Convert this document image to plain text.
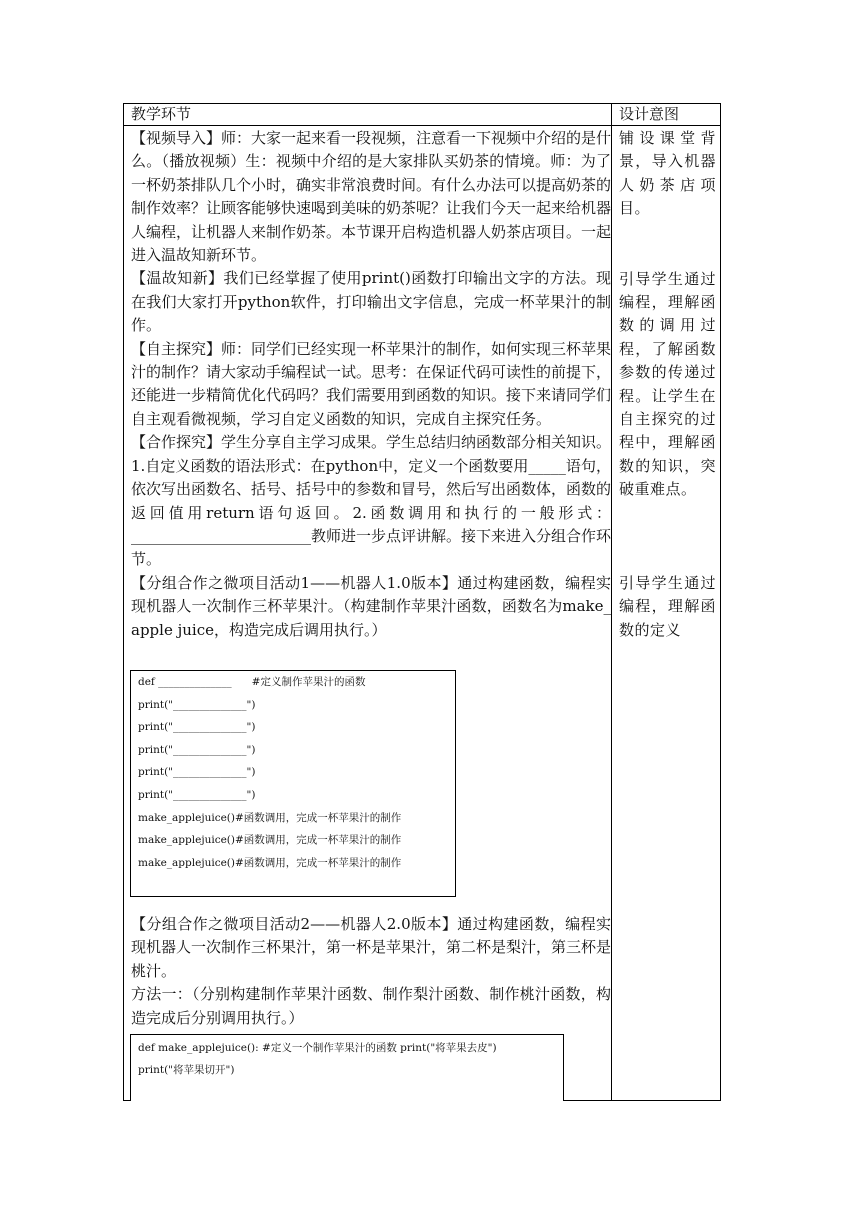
教学环节	设计意图

【视频导入】师：大家一起来看一段视频，注意看一下视频中介绍的是什么。（播放视频）生：视频中介绍的是大家排队买奶茶的情境。师：为了一杯奶茶排队几个小时，确实非常浪费时间。有什么办法可以提高奶茶的制作效率？让顾客能够快速喝到美味的奶茶呢？让我们今天一起来给机器人编程，让机器人来制作奶茶。本节课开启构造机器人奶茶店项目。一起进入温故知新环节。

【温故知新】我们已经掌握了使用print()函数打印输出文字的方法。现在我们大家打开python软件，打印输出文字信息，完成一杯苹果汁的制作。

【自主探究】师：同学们已经实现一杯苹果汁的制作，如何实现三杯苹果汁的制作？请大家动手编程试一试。思考：在保证代码可读性的前提下，还能进一步精简优化代码吗？我们需要用到函数的知识。接下来请同学们自主观看微视频，学习自定义函数的知识，完成自主探究任务。

【合作探究】学生分享自主学习成果。学生总结归纳函数部分相关知识。1.自定义函数的语法形式：在python中，定义一个函数要用_____语句，依次写出函数名、括号、括号中的参数和冒号，然后写出函数体，函数的返回值用return语句返回。2.函数调用和执行的一般形式：________________________教师进一步点评讲解。接下来进入分组合作环节。

【分组合作之微项目活动1——机器人1.0版本】通过构建函数，编程实现机器人一次制作三杯苹果汁。（构建制作苹果汁函数，函数名为make_ apple juice，构造完成后调用执行。）

def ______________      #定义制作苹果汁的函数
print("______________")
print("______________")
print("______________")
print("______________")
print("______________")
make_applejuice()#函数调用，完成一杯苹果汁的制作
make_applejuice()#函数调用，完成一杯苹果汁的制作
make_applejuice()#函数调用，完成一杯苹果汁的制作

【分组合作之微项目活动2——机器人2.0版本】通过构建函数，编程实现机器人一次制作三杯果汁，第一杯是苹果汁，第二杯是梨汁，第三杯是桃汁。

方法一：（分别构建制作苹果汁函数、制作梨汁函数、制作桃汁函数，构造完成后分别调用执行。）

def make_applejuice(): #定义一个制作苹果汁的函数 print("将苹果去皮")
print("将苹果切开")

铺设课堂背景，导入机器人奶茶店项目。

引导学生通过编程，理解函数的调用过程，了解函数参数的传递过程。让学生在自主探究的过程中，理解函数的知识，突破重难点。

引导学生通过编程，理解函数的定义
